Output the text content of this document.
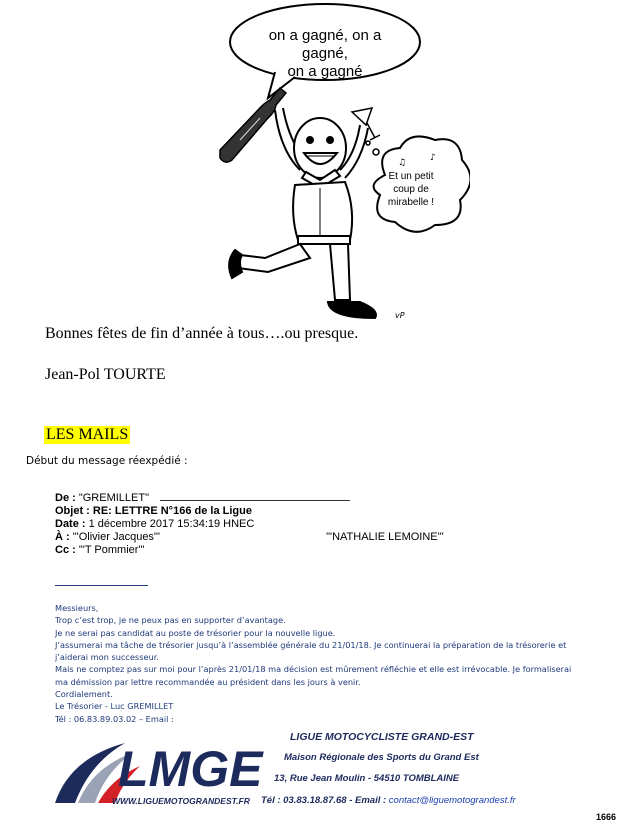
♫	♪
vP
on a gagné, on a gagné,
on a gagné
Et un petit
coup de
mirabelle !
Bonnes fêtes de fin d’année à tous….ou presque.
Jean-Pol TOURTE
LES MAILS
Début du message réexpédié :
De : "GREMILLET"
Objet : RE: LETTRE N°166 de la Ligue
Date : 1 décembre 2017 15:34:19 HNEC
À : "'Olivier Jacques'"	"'NATHALIE LEMOINE'"
Cc : "'T Pommier'"
Messieurs,
Trop c’est trop, je ne peux pas en supporter d’avantage.
Je ne serai pas candidat au poste de trésorier pour la nouvelle ligue.
J’assumerai ma tâche de trésorier jusqu’à l’assemblée générale du 21/01/18. Je continuerai la préparation de la trésorerie et
j’aiderai mon successeur.
Mais ne comptez pas sur moi pour l’après 21/01/18 ma décision est mûrement réfléchie et elle est irrévocable. Je formaliserai
ma démission par lettre recommandée au président dans les jours à venir.
Cordialement.
Le Trésorier - Luc GREMILLET
Tél : 06.83.89.03.02 – Email :
LMGE
WWW.LIGUEMOTOGRANDEST.FR
LIGUE MOTOCYCLISTE GRAND-EST
Maison Régionale des Sports du Grand Est
13, Rue Jean Moulin - 54510 TOMBLAINE
Tél : 03.83.18.87.68 - Email : contact@liguemotograndest.fr
1666
